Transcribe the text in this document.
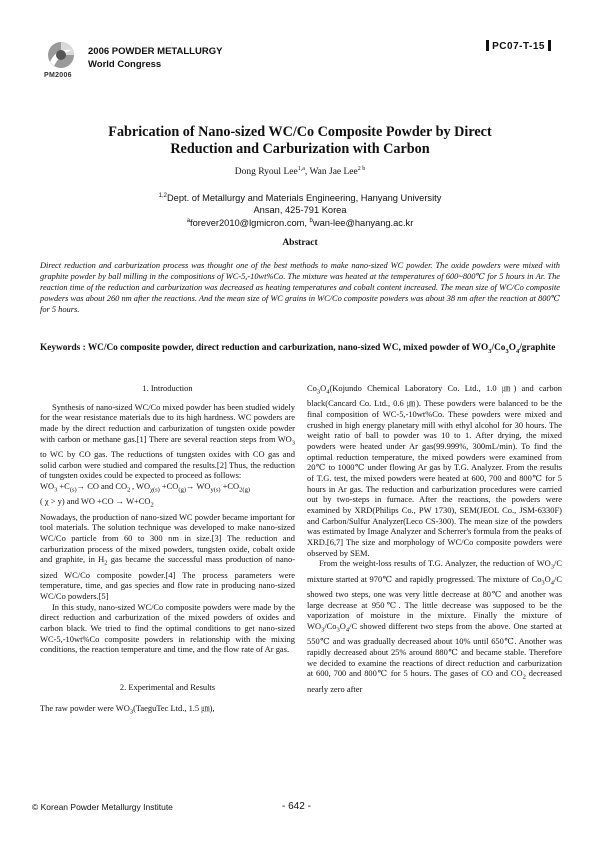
PM2006
2006 POWDER METALLURGY
World Congress
PC07-T-15
Fabrication of Nano-sized WC/Co Composite Powder by Direct
Reduction and Carburization with Carbon
Dong Ryoul Lee$^{1,a}$, Wan Jae Lee$^{2 b}$
$^{1,2}$Dept. of Metallurgy and Materials Engineering, Hanyang University
Ansan, 425-791 Korea
$^a$forever2010@lgmicron.com, $^b$wan-lee@hanyang.ac.kr
Abstract
Direct reduction and carburization process was thought one of the best methods to make nano-sized WC powder. The oxide powders were mixed with graphite powder by ball milling in the compositions of WC-5,-10wt%Co. The mixture was heated at the temperatures of 600~800℃ for 5 hours in Ar. The reaction time of the reduction and carburization was decreased as heating temperatures and cobalt content increased. The mean size of WC/Co composite powders was about 260 nm after the reactions. And the mean size of WC grains in WC/Co composite powders was about 38 nm after the reaction at 800℃ for 5 hours.
Keywords : WC/Co composite powder, direct reduction and carburization, nano-sized WC, mixed powder of $WO_3/Co_3O_4$/graphite

1. Introduction

Synthesis of nano-sized WC/Co mixed powder has been studied widely for the wear resistance materials due to its high hardness. WC powders are made by the direct reduction and carburization of tungsten oxide powder with carbon or methane gas.[1] There are several reaction steps from $WO_3$ to WC by CO gas. The reductions of tungsten oxides with CO gas and solid carbon were studied and compared the results.[2] Thus, the reduction of tungsten oxides could be expected to proceed as follows:

$WO_3 +C_{(s)}\to$ CO and $CO_2$ , $WO_{\chi(s)} +CO_{(g)}\to WO_{y(s)} +CO_{2(g)}$

( χ > y) and WO $+CO \to W+CO_2$

Nowadays, the production of nano-sized WC powder became important for tool materials. The solution technique was developed to make nano-sized WC/Co particle from 60 to 300 nm in size.[3] The reduction and carburization process of the mixed powders, tungsten oxide, cobalt oxide and graphite, in $H_2$ gas became the successful mass production of nano-sized WC/Co composite powder.[4] The process parameters were temperature, time, and gas species and flow rate in producing nano-sized WC/Co powders.[5]

In this study, nano-sized WC/Co composite powders were made by the direct reduction and carburization of the mixed powders of oxides and carbon black. We tried to find the optimal conditions to get nano-sized WC-5,-10wt%Co composite powders in relationship with the mixing conditions, the reaction temperature and time, and the flow rate of Ar gas.

2. Experimental and Results

The raw powder were $WO_3(TaeguTec$ Ltd., 1.5 ㎛),

$Co_3O_4(Kojundo$ Chemical Laboratory Co. Ltd., 1.0 ㎛) and carbon black(Cancard Co. Ltd., 0.6 ㎛). These powders were balanced to be the final composition of WC-5,-10wt%Co. These powders were mixed and crushed in high energy planetary mill with ethyl alcohol for 30 hours. The weight ratio of ball to powder was 10 to 1. After drying, the mixed powders were heated under Ar gas(99.999%, 300mL/min). To find the optimal reduction temperature, the mixed powders were examined from 20℃ to 1000℃ under flowing Ar gas by T.G. Analyzer. From the results of T.G. test, the mixed powders were heated at 600, 700 and 800℃ for 5 hours in Ar gas. The reduction and carburization procedures were carried out by two-steps in furnace. After the reactions, the powders were examined by XRD(Philips Co., PW 1730), SEM(JEOL Co., JSM-6330F) and Carbon/Sulfur Analyzer(Leco CS-300). The mean size of the powders was estimated by Image Analyzer and Scherrer's formula from the peaks of XRD.[6,7] The size and morphology of WC/Co composite powders were observed by SEM.

From the weight-loss results of T.G. Analyzer, the reduction of $WO_3/C$ mixture started at 970℃ and rapidly progressed. The mixture of $Co_3O_4/C$ showed two steps, one was very little decrease at 80℃ and another was large decrease at 950℃. The little decrease was supposed to be the vaporization of moisture in the mixture. Finally the mixture of $WO_3/Co_3O_4/C$ showed different two steps from the above. One started at 550℃ and was gradually decreased about 10% until 650℃. Another was rapidly decreased about 25% around 880℃ and became stable. Therefore we decided to examine the reactions of direct reduction and carburization at 600, 700 and 800℃ for 5 hours. The gases of CO and $CO_2$ decreased nearly zero after

© Korean Powder Metallurgy Institute	- 642 -
